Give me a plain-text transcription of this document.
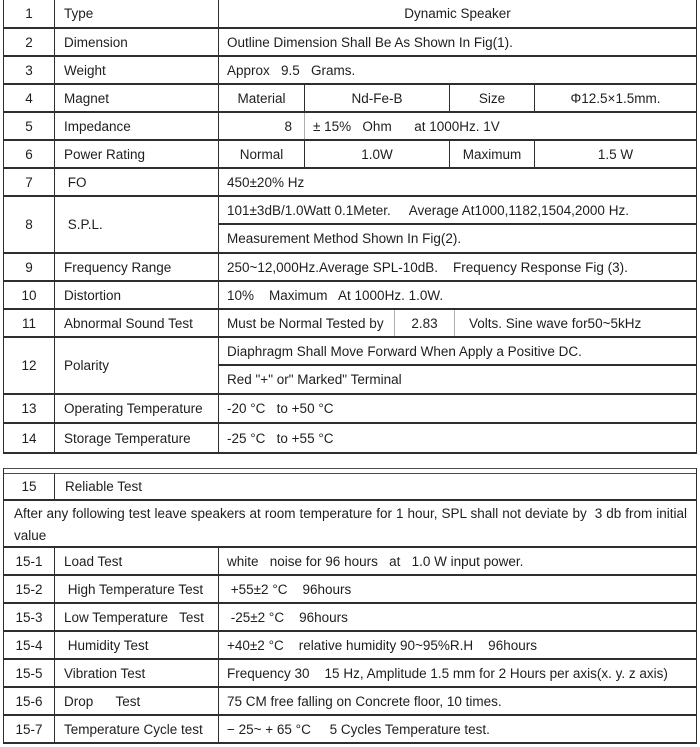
1	Type	Dynamic Speaker
2	Dimension	Outline Dimension Shall Be As Shown In Fig(1).
3	Weight	Approx   9.5   Grams.
4	Magnet	Material	Nd-Fe-B	Size	Φ12.5×1.5mm.
5	Impedance	8	± 15%   Ohm      at 1000Hz. 1V
6	Power Rating	Normal	1.0W	Maximum	1.5 W
7	FO	450±20% Hz
8	S.P.L.
101±3dB/1.0Watt 0.1Meter.     Average At1000,1182,1504,2000 Hz.
Measurement Method Shown In Fig(2).
9	Frequency Range	250~12,000Hz.Average SPL-10dB.    Frequency Response Fig (3).
10	Distortion	10%    Maximum   At 1000Hz. 1.0W.
11	Abnormal Sound Test	Must be Normal Tested by	2.83	Volts. Sine wave for50~5kHz
12	Polarity
Diaphragm Shall Move Forward When Apply a Positive DC.
Red "+" or" Marked" Terminal
13	Operating Temperature	-20 °C   to +50 °C
14	Storage Temperature	-25 °C   to +55 °C
15	Reliable Test
After any following test leave speakers at room temperature for 1 hour, SPL shall not deviate by  3 db from initial value
15-1	Load Test	white   noise for 96 hours   at   1.0 W input power.
15-2	High Temperature Test	+55±2 °C    96hours
15-3	Low Temperature   Test	-25±2 °C    96hours
15-4	Humidity Test	+40±2 °C    relative humidity 90~95%R.H    96hours
15-5	Vibration Test	Frequency 30    15 Hz, Amplitude 1.5 mm for 2 Hours per axis(x. y. z axis)
15-6	Drop      Test	75 CM free falling on Concrete floor, 10 times.
15-7	Temperature Cycle test	− 25~ + 65 °C     5 Cycles Temperature test.
